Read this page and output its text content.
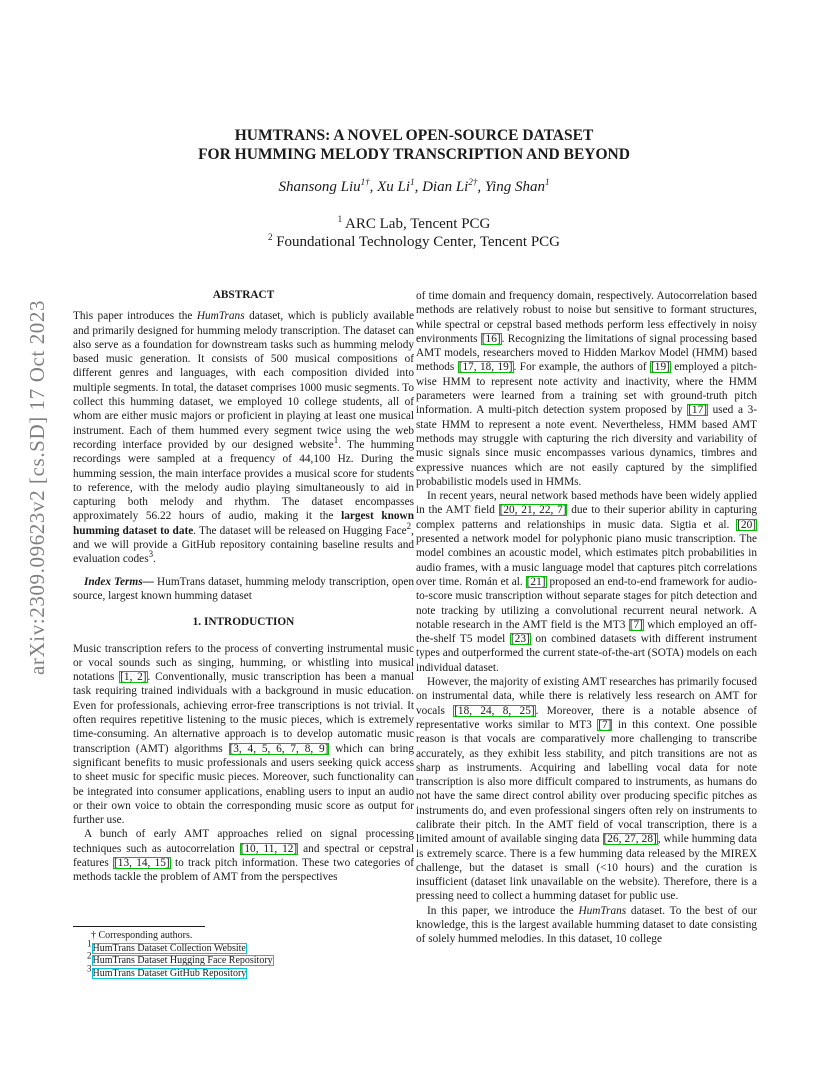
arXiv:2309.09623v2 [cs.SD] 17 Oct 2023
HUMTRANS: A NOVEL OPEN-SOURCE DATASET
FOR HUMMING MELODY TRANSCRIPTION AND BEYOND
Shansong Liu$^{1\dagger}$, Xu Li$^1$, Dian $Li^{2\dagger}$, Ying Shan$^1$
$^1$ ARC Lab, Tencent PCG
$^2$ Foundational Technology Center, Tencent PCG
ABSTRACT

This paper introduces the HumTrans dataset, which is publicly available and primarily designed for humming melody transcription. The dataset can also serve as a foundation for downstream tasks such as humming melody based music generation. It consists of 500 musical compositions of different genres and languages, with each composition divided into multiple segments. In total, the dataset comprises 1000 music segments. To collect this humming dataset, we employed 10 college students, all of whom are either music majors or proficient in playing at least one musical instrument. Each of them hummed every segment twice using the web recording interface provided by our designed website$^1$. The humming recordings were sampled at a frequency of 44,100 Hz. During the humming session, the main interface provides a musical score for students to reference, with the melody audio playing simultaneously to aid in capturing both melody and rhythm. The dataset encompasses approximately 56.22 hours of audio, making it the largest known humming dataset to date. The dataset will be released on Hugging Face$^2$, and we will provide a GitHub repository containing baseline results and evaluation codes$^3$.

Index Terms— HumTrans dataset, humming melody transcription, open source, largest known humming dataset

1. INTRODUCTION

Music transcription refers to the process of converting instrumental music or vocal sounds such as singing, humming, or whistling into musical notations [1, 2]. Conventionally, music transcription has been a manual task requiring trained individuals with a background in music education. Even for professionals, achieving error-free transcriptions is not trivial. It often requires repetitive listening to the music pieces, which is extremely time-consuming. An alternative approach is to develop automatic music transcription (AMT) algorithms [3, 4, 5, 6, 7, 8, 9] which can bring significant benefits to music professionals and users seeking quick access to sheet music for specific music pieces. Moreover, such functionality can be integrated into consumer applications, enabling users to input an audio or their own voice to obtain the corresponding music score as output for further use.

A bunch of early AMT approaches relied on signal processing techniques such as autocorrelation [10, 11, 12] and spectral or cepstral features [13, 14, 15] to track pitch information. These two categories of methods tackle the problem of AMT from the perspectives

† Corresponding authors.
$^1$HumTrans Dataset Collection Website
$^2$HumTrans Dataset Hugging Face Repository
$^3$HumTrans Dataset GitHub Repository

of time domain and frequency domain, respectively. Autocorrelation based methods are relatively robust to noise but sensitive to formant structures, while spectral or cepstral based methods perform less effectively in noisy environments [16]. Recognizing the limitations of signal processing based AMT models, researchers moved to Hidden Markov Model (HMM) based methods [17, 18, 19]. For example, the authors of [19] employed a pitch-wise HMM to represent note activity and inactivity, where the HMM parameters were learned from a training set with ground-truth pitch information. A multi-pitch detection system proposed by [17] used a 3-state HMM to represent a note event. Nevertheless, HMM based AMT methods may struggle with capturing the rich diversity and variability of music signals since music encompasses various dynamics, timbres and expressive nuances which are not easily captured by the simplified probabilistic models used in HMMs.

In recent years, neural network based methods have been widely applied in the AMT field [20, 21, 22, 7] due to their superior ability in capturing complex patterns and relationships in music data. Sigtia et al. [20] presented a network model for polyphonic piano music transcription. The model combines an acoustic model, which estimates pitch probabilities in audio frames, with a music language model that captures pitch correlations over time. Román et al. [21] proposed an end-to-end framework for audio-to-score music transcription without separate stages for pitch detection and note tracking by utilizing a convolutional recurrent neural network. A notable research in the AMT field is the MT3 [7] which employed an off-the-shelf T5 model [23] on combined datasets with different instrument types and outperformed the current state-of-the-art (SOTA) models on each individual dataset.

However, the majority of existing AMT researches has primarily focused on instrumental data, while there is relatively less research on AMT for vocals [18, 24, 8, 25]. Moreover, there is a notable absence of representative works similar to MT3 [7] in this context. One possible reason is that vocals are comparatively more challenging to transcribe accurately, as they exhibit less stability, and pitch transitions are not as sharp as instruments. Acquiring and labelling vocal data for note transcription is also more difficult compared to instruments, as humans do not have the same direct control ability over producing specific pitches as instruments do, and even professional singers often rely on instruments to calibrate their pitch. In the AMT field of vocal transcription, there is a limited amount of available singing data [26, 27, 28], while humming data is extremely scarce. There is a few humming data released by the MIREX challenge, but the dataset is small (<10 hours) and the curation is insufficient (dataset link unavailable on the website). Therefore, there is a pressing need to collect a humming dataset for public use.

In this paper, we introduce the HumTrans dataset. To the best of our knowledge, this is the largest available humming dataset to date consisting of solely hummed melodies. In this dataset, 10 college
